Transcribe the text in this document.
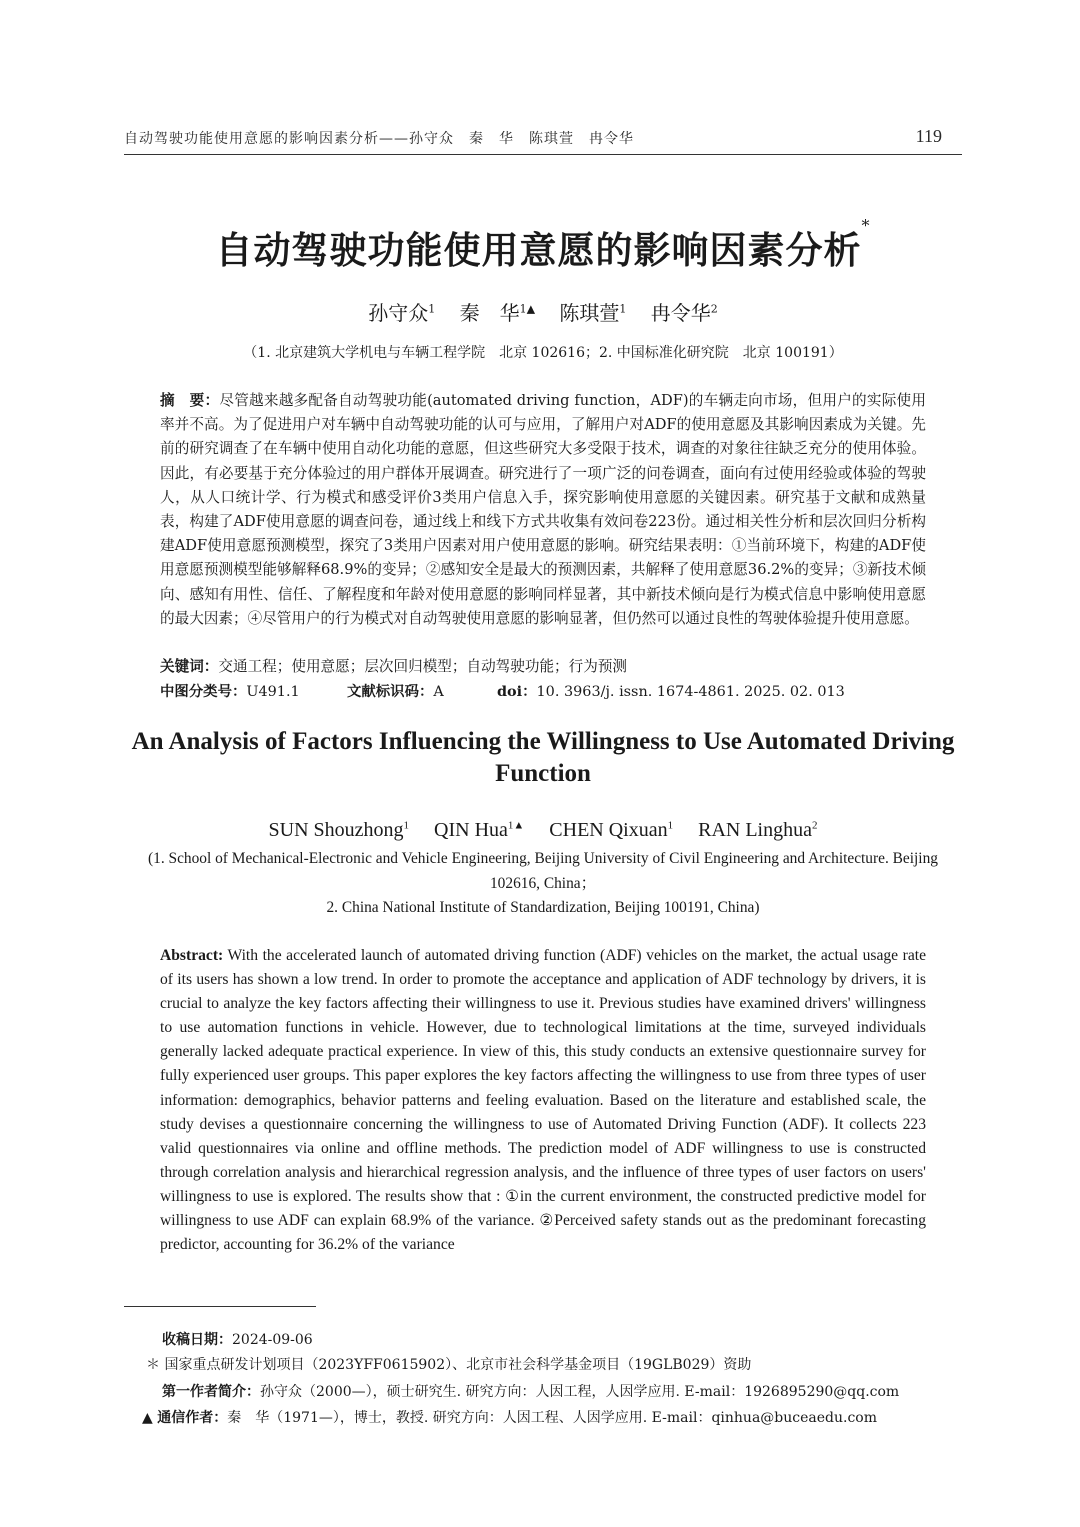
自动驾驶功能使用意愿的影响因素分析——孙守众　秦　华　陈琪萱　冉令华	119
自动驾驶功能使用意愿的影响因素分析*
孙守众$^1$ 秦　华$^{1▲}$ 陈琪萱$^1$ 冉令华$^2$
（1. 北京建筑大学机电与车辆工程学院　北京 102616；2. 中国标准化研究院　北京 100191）
摘　要：尽管越来越多配备自动驾驶功能(automated driving function，ADF)的车辆走向市场，但用户的实际使用率并不高。为了促进用户对车辆中自动驾驶功能的认可与应用，了解用户对ADF的使用意愿及其影响因素成为关键。先前的研究调查了在车辆中使用自动化功能的意愿，但这些研究大多受限于技术，调查的对象往往缺乏充分的使用体验。因此，有必要基于充分体验过的用户群体开展调查。研究进行了一项广泛的问卷调查，面向有过使用经验或体验的驾驶人，从人口统计学、行为模式和感受评价3类用户信息入手，探究影响使用意愿的关键因素。研究基于文献和成熟量表，构建了ADF使用意愿的调查问卷，通过线上和线下方式共收集有效问卷223份。通过相关性分析和层次回归分析构建ADF使用意愿预测模型，探究了3类用户因素对用户使用意愿的影响。研究结果表明：①当前环境下，构建的ADF使用意愿预测模型能够解释68.9%的变异；②感知安全是最大的预测因素，共解释了使用意愿36.2%的变异；③新技术倾向、感知有用性、信任、了解程度和年龄对使用意愿的影响同样显著，其中新技术倾向是行为模式信息中影响使用意愿的最大因素；④尽管用户的行为模式对自动驾驶使用意愿的影响显著，但仍然可以通过良性的驾驶体验提升使用意愿。
关键词：交通工程；使用意愿；层次回归模型；自动驾驶功能；行为预测
中图分类号：U491.1	文献标识码：A	doi：10. 3963/j. issn. 1674-4861. 2025. 02. 013
An Analysis of Factors Influencing the Willingness to Use Automated Driving Function
SUN Shouzhong$^1$ QIN Hua$^{1▲}$ CHEN Qixuan$^1$ RAN Linghua$^2$
(1. School of Mechanical-Electronic and Vehicle Engineering, Beijing University of Civil Engineering and Architecture. Beijing 102616, China；
2. China National Institute of Standardization, Beijing 100191, China)
Abstract: With the accelerated launch of automated driving function (ADF) vehicles on the market, the actual usage rate of its users has shown a low trend. In order to promote the acceptance and application of ADF technology by drivers, it is crucial to analyze the key factors affecting their willingness to use it. Previous studies have examined drivers' willingness to use automation functions in vehicle. However, due to technological limitations at the time, surveyed individuals generally lacked adequate practical experience. In view of this, this study conducts an extensive questionnaire survey for fully experienced user groups. This paper explores the key factors affecting the willingness to use from three types of user information: demographics, behavior patterns and feeling evaluation. Based on the literature and established scale, the study devises a questionnaire concerning the willingness to use of Automated Driving Function (ADF). It collects 223 valid questionnaires via online and offline methods. The prediction model of ADF willingness to use is constructed through correlation analysis and hierarchical regression analysis, and the influence of three types of user factors on users' willingness to use is explored. The results show that : ①in the current environment, the constructed predictive model for willingness to use ADF can explain 68.9% of the variance. ②Perceived safety stands out as the predominant forecasting predictor, accounting for 36.2% of the variance
收稿日期：2024-09-06
＊ 国家重点研发计划项目（2023YFF0615902）、北京市社会科学基金项目（19GLB029）资助
第一作者简介：孙守众（2000—），硕士研究生. 研究方向：人因工程，人因学应用. E-mail：1926895290@qq.com
▲ 通信作者：秦　华（1971—），博士，教授. 研究方向：人因工程、人因学应用. E-mail：qinhua@buceaedu.com
